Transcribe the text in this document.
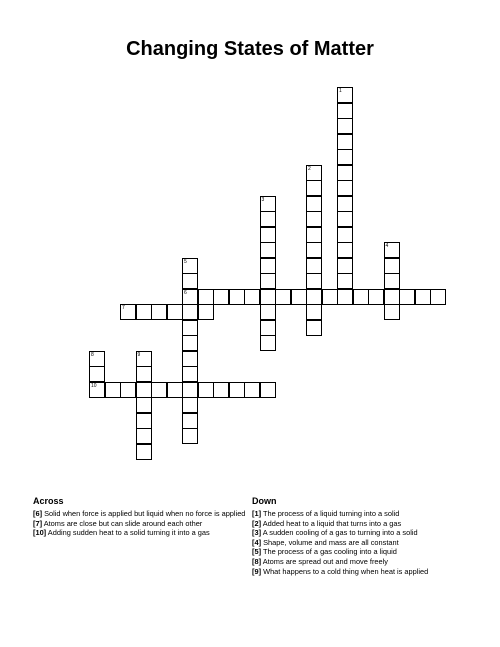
Changing States of Matter
1
2
3
4
5
6
7
8
10
9
Across
[6] Solid when force is applied but liquid when no force is applied
[7] Atoms are close but can slide around each other
[10] Adding sudden heat to a solid turning it into a gas
Down
[1] The process of a liquid turning into a solid
[2] Added heat to a liquid that turns into a gas
[3] A sudden cooling of a gas to turning into a solid
[4] Shape, volume and mass are all constant
[5] The process of a gas cooling into a liquid
[8] Atoms are spread out and move freely
[9] What happens to a cold thing when heat is applied
